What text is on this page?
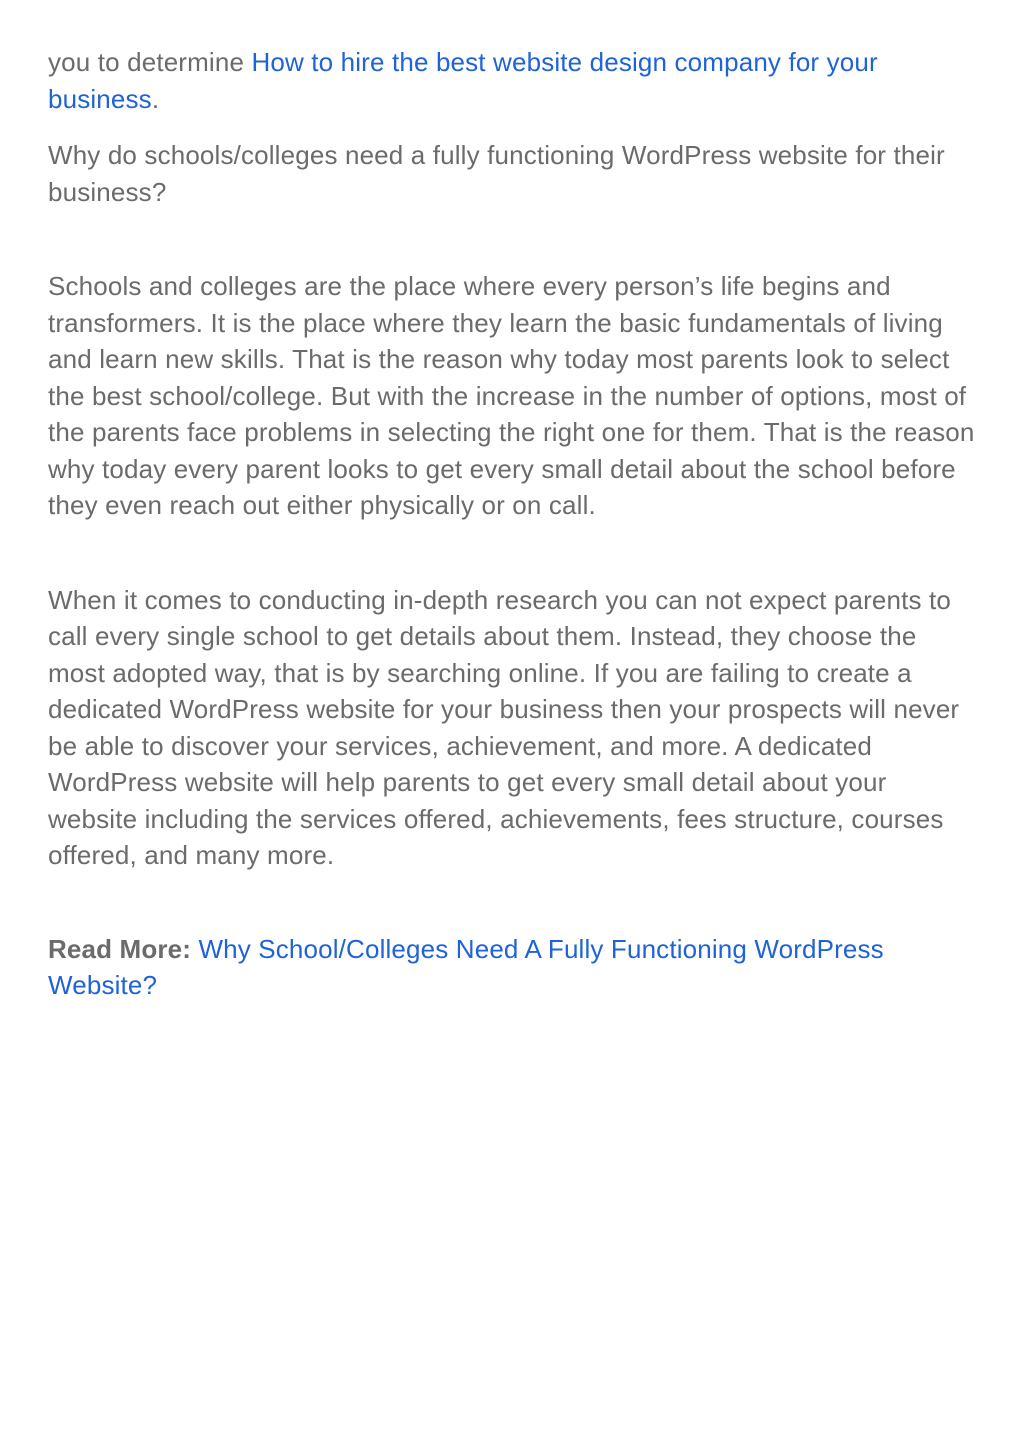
you to determine How to hire the best website design company for your business.

Why do schools/colleges need a fully functioning WordPress website for their business?

Schools and colleges are the place where every person’s life begins and transformers. It is the place where they learn the basic fundamentals of living and learn new skills. That is the reason why today most parents look to select the best school/college. But with the increase in the number of options, most of the parents face problems in selecting the right one for them. That is the reason why today every parent looks to get every small detail about the school before they even reach out either physically or on call.

When it comes to conducting in-depth research you can not expect parents to call every single school to get details about them. Instead, they choose the most adopted way, that is by searching online. If you are failing to create a dedicated WordPress website for your business then your prospects will never be able to discover your services, achievement, and more. A dedicated WordPress website will help parents to get every small detail about your website including the services offered, achievements, fees structure, courses offered, and many more.

Read More: Why School/Colleges Need A Fully Functioning WordPress Website?
